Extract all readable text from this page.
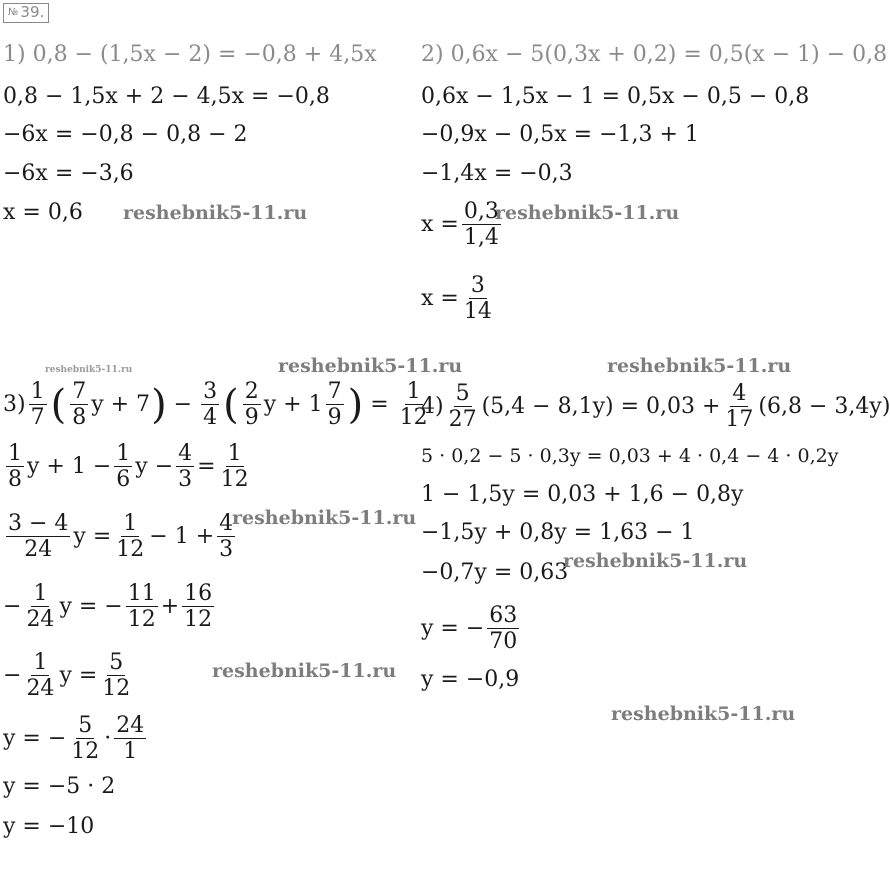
№ 39.
1) 0,8 − (1,5x − 2) = −0,8 + 4,5x
0,8 − 1,5x + 2 − 4,5x = −0,8
−6x = −0,8 − 0,8 − 2
−6x = −3,6
x = 0,6
2) 0,6x − 5(0,3x + 0,2) = 0,5(x − 1) − 0,8
0,6x − 1,5x − 1 = 0,5x − 0,5 − 0,8
−0,9x − 0,5x = −1,3 + 1
−1,4x = −0,3
$x = \frac{0,3}{1,4}$
$x = \frac{3}{14}$
$3) \frac{1}{7}$ ( $\frac{7}{8}$ y + 7 ) − $\frac{3}{4}$ ( $\frac{2}{9}$ $y + 1 \frac{7}{9}$ ) = $\frac{1}{12}$
$\frac{1}{8}$ $y + 1 - \frac{1}{6}$ $y - \frac{4}{3} = \frac{1}{12}$
$\frac{3 - 4}{24}$ $y = \frac{1}{12} - 1 + \frac{4}{3}$
− $\frac{1}{24}$ y = − $\frac{11}{12} + \frac{16}{12}$
− $\frac{1}{24}$ $y = \frac{5}{12}$
y = − $\frac{5}{12} \cdot \frac{24}{1}$
y = −5 · 2
y = −10
$4) \frac{5}{27} (5,4 - 8,1y) = 0,03 + \frac{4}{17} (6,8 - 3,4y)$
5 · 0,2 − 5 · 0,3y = 0,03 + 4 · 0,4 − 4 · 0,2y
1 − 1,5y = 0,03 + 1,6 − 0,8y
−1,5y + 0,8y = 1,63 − 1
−0,7y = 0,63
y = − $\frac{63}{70}$
y = −0,9
reshebnik5-11.ru	reshebnik5-11.ru
reshebnik5-11.ru	reshebnik5-11.ru	reshebnik5-11.ru
reshebnik5-11.ru
reshebnik5-11.ru
reshebnik5-11.ru
reshebnik5-11.ru
